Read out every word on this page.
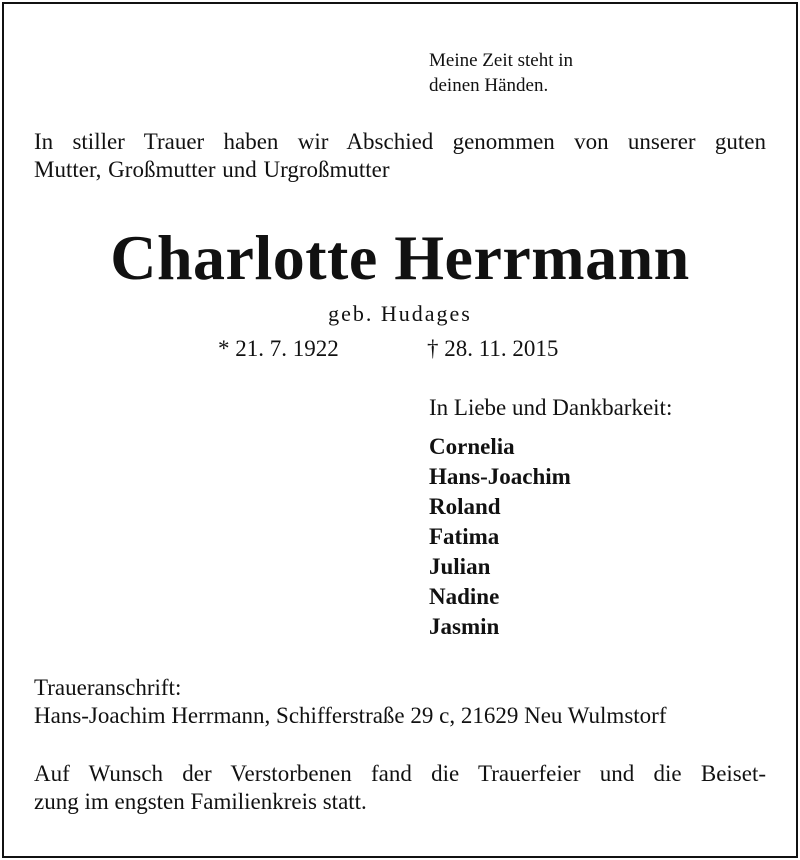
Meine Zeit steht in
deinen Händen.
In stiller Trauer haben wir Abschied genommen von unserer guten
Mutter, Großmutter und Urgroßmutter
Charlotte Herrmann
geb. Hudages
* 21. 7. 1922	† 28. 11. 2015
In Liebe und Dankbarkeit:
Cornelia
Hans-Joachim
Roland
Fatima
Julian
Nadine
Jasmin
Traueranschrift:
Hans-Joachim Herrmann, Schifferstraße 29 c, 21629 Neu Wulmstorf
Auf Wunsch der Verstorbenen fand die Trauerfeier und die Beiset-
zung im engsten Familienkreis statt.
